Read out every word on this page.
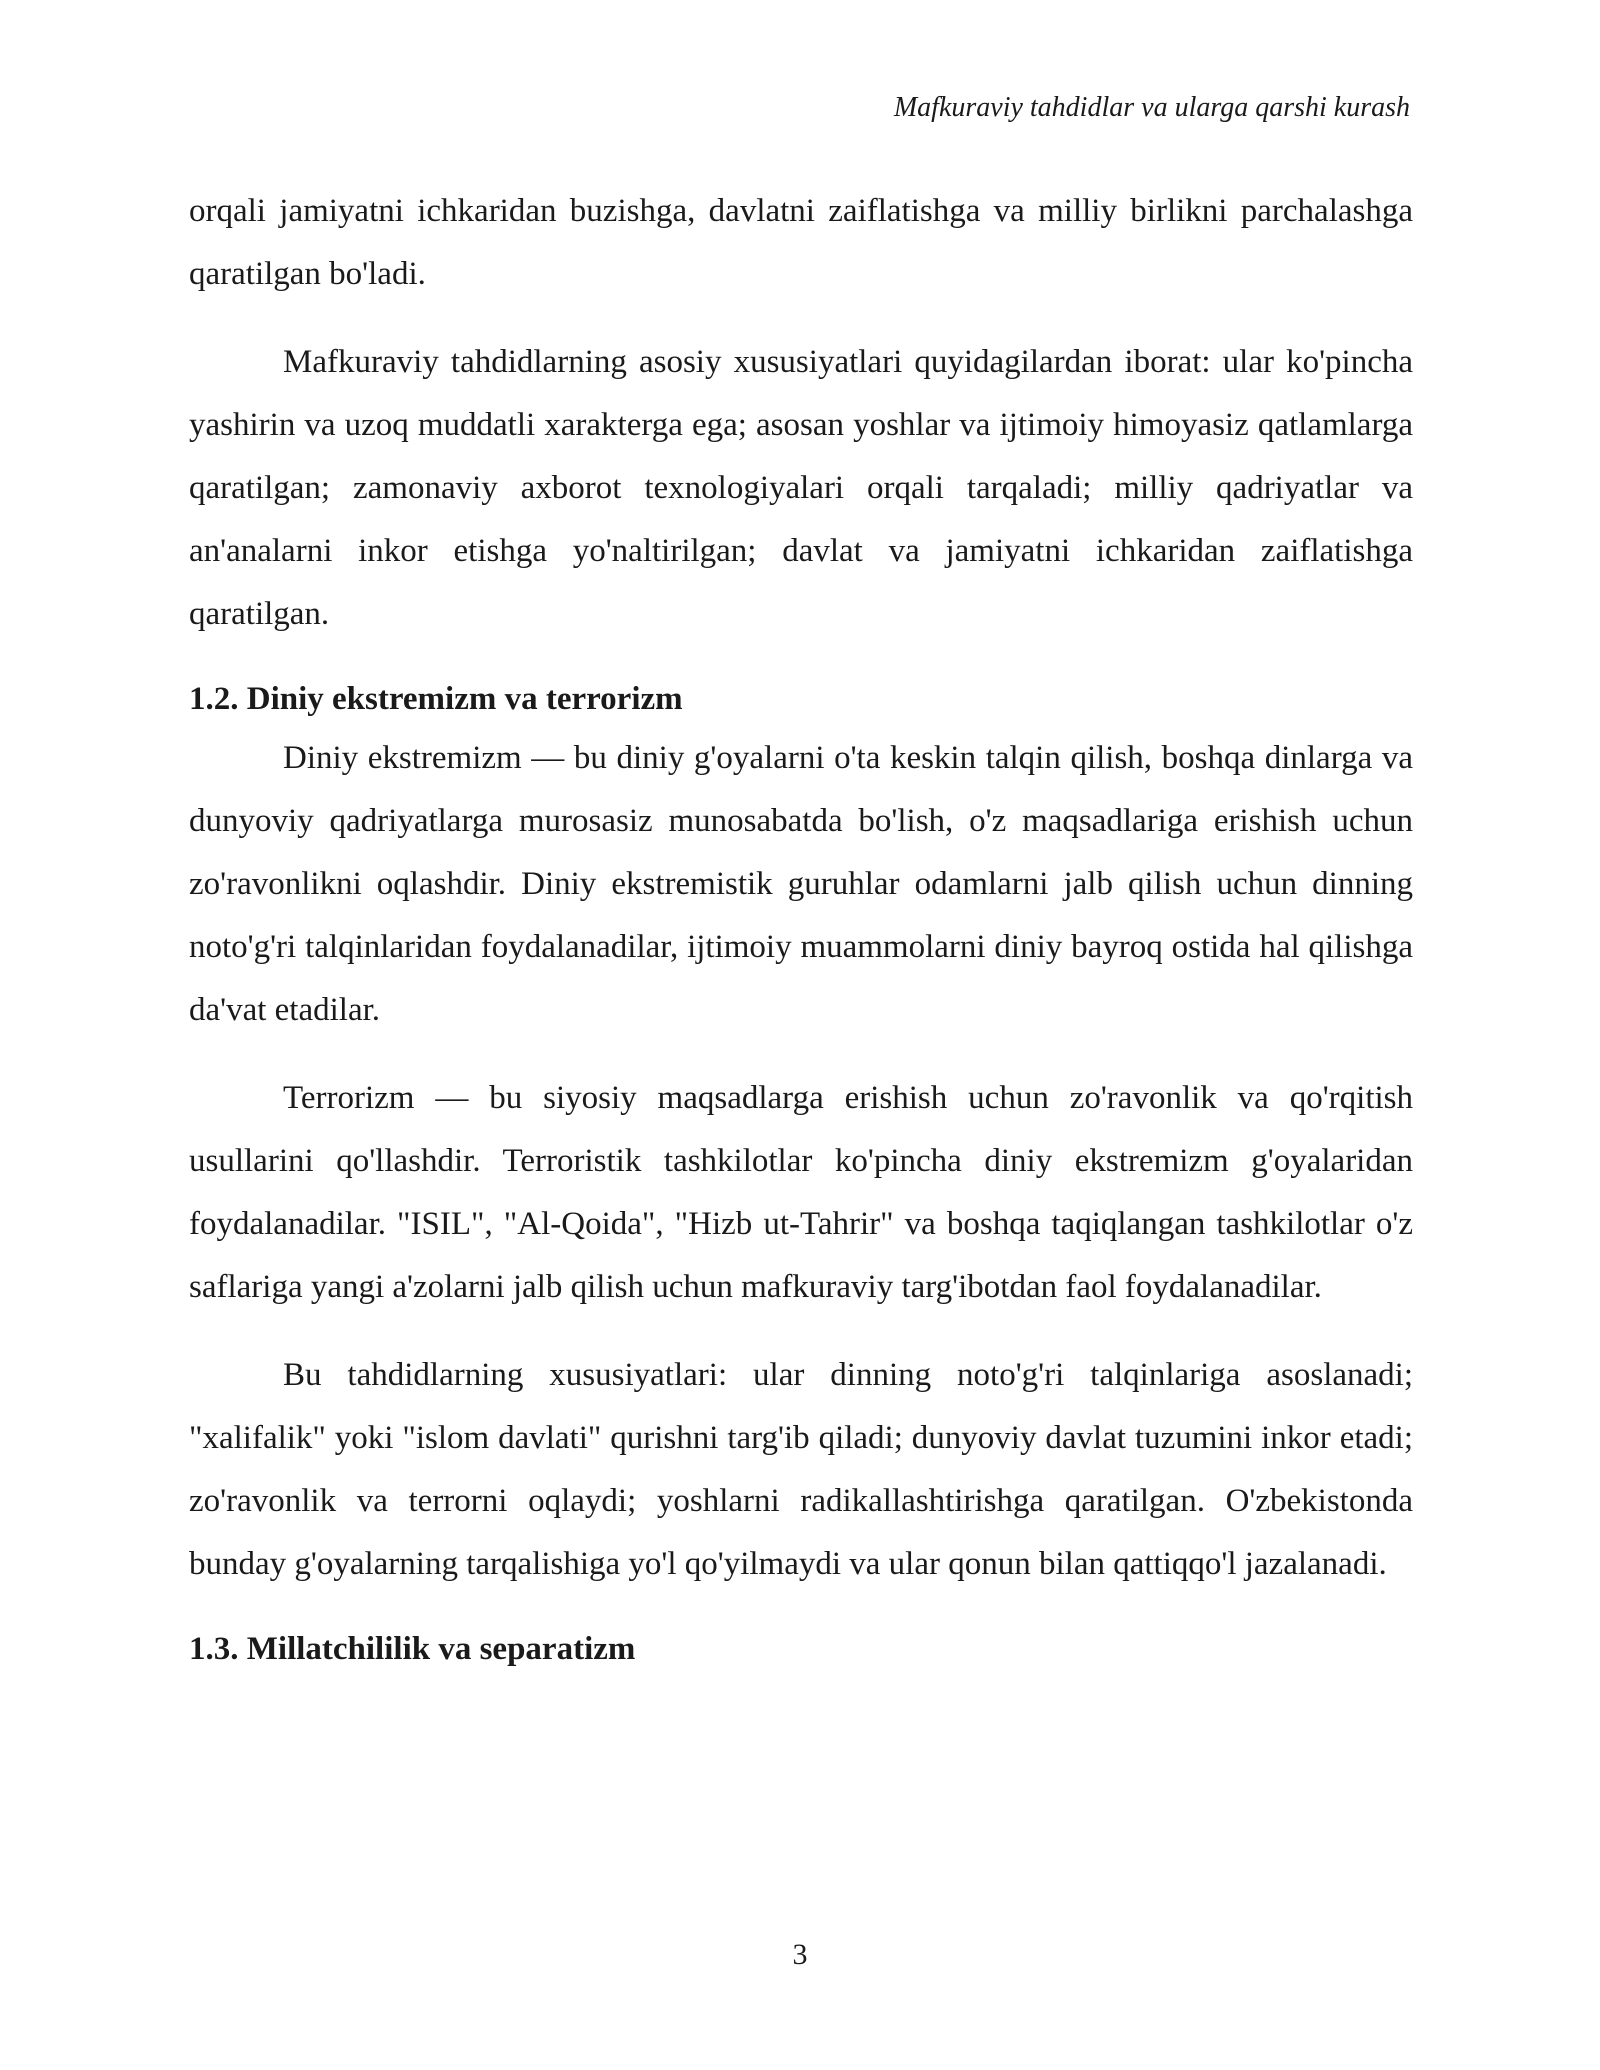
Mafkuraviy tahdidlar va ularga qarshi kurash

orqali jamiyatni ichkaridan buzishga, davlatni zaiflatishga va milliy birlikni parchalashga qaratilgan bo'ladi.

Mafkuraviy tahdidlarning asosiy xususiyatlari quyidagilardan iborat: ular ko'pincha yashirin va uzoq muddatli xarakterga ega; asosan yoshlar va ijtimoiy himoyasiz qatlamlarga qaratilgan; zamonaviy axborot texnologiyalari orqali tarqaladi; milliy qadriyatlar va an'analarni inkor etishga yo'naltirilgan; davlat va jamiyatni ichkaridan zaiflatishga qaratilgan.

1.2. Diniy ekstremizm va terrorizm

Diniy ekstremizm — bu diniy g'oyalarni o'ta keskin talqin qilish, boshqa dinlarga va dunyoviy qadriyatlarga murosasiz munosabatda bo'lish, o'z maqsadlariga erishish uchun zo'ravonlikni oqlashdir. Diniy ekstremistik guruhlar odamlarni jalb qilish uchun dinning noto'g'ri talqinlaridan foydalanadilar, ijtimoiy muammolarni diniy bayroq ostida hal qilishga da'vat etadilar.

Terrorizm — bu siyosiy maqsadlarga erishish uchun zo'ravonlik va qo'rqitish usullarini qo'llashdir. Terroristik tashkilotlar ko'pincha diniy ekstremizm g'oyalaridan foydalanadilar. "ISIL", "Al-Qoida", "Hizb ut-Tahrir" va boshqa taqiqlangan tashkilotlar o'z saflariga yangi a'zolarni jalb qilish uchun mafkuraviy targ'ibotdan faol foydalanadilar.

Bu tahdidlarning xususiyatlari: ular dinning noto'g'ri talqinlariga asoslanadi; "xalifalik" yoki "islom davlati" qurishni targ'ib qiladi; dunyoviy davlat tuzumini inkor etadi; zo'ravonlik va terrorni oqlaydi; yoshlarni radikallashtirishga qaratilgan. O'zbekistonda bunday g'oyalarning tarqalishiga yo'l qo'yilmaydi va ular qonun bilan qattiqqo'l jazalanadi.

1.3. Millatchililik va separatizm

3
